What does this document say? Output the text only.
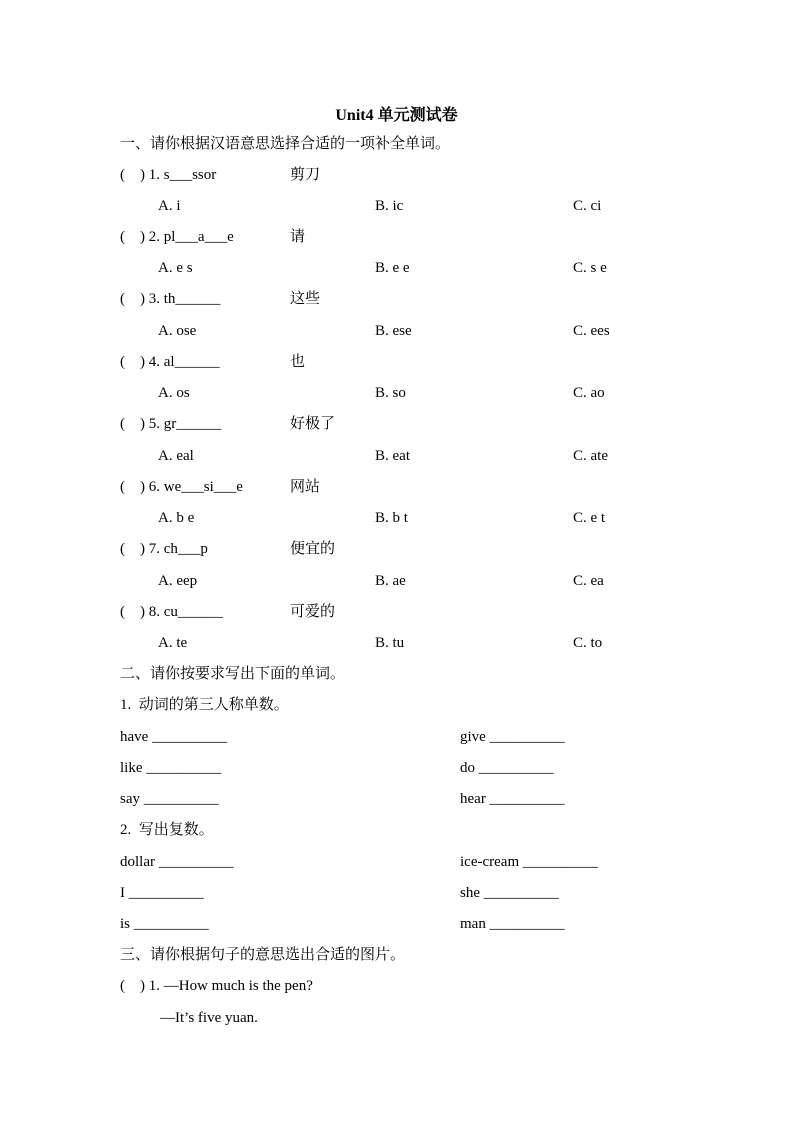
Unit4 单元测试卷
一、请你根据汉语意思选择合适的一项补全单词。
(    ) 1. s___ssor	剪刀
A. i	B. ic	C. ci
(    ) 2. pl___a___e	请
A. e s	B. e e	C. s e
(    ) 3. th______	这些
A. ose	B. ese	C. ees
(    ) 4. al______	也
A. os	B. so	C. ao
(    ) 5. gr______	好极了
A. eal	B. eat	C. ate
(    ) 6. we___si___e	网站
A. b e	B. b t	C. e t
(    ) 7. ch___p	便宜的
A. eep	B. ae	C. ea
(    ) 8. cu______	可爱的
A. te	B. tu	C. to
二、请你按要求写出下面的单词。
1.  动词的第三人称单数。
have __________	give __________
like __________	do __________
say __________	hear __________
2.  写出复数。
dollar __________	ice-cream __________
I __________	she __________
is __________	man __________
三、请你根据句子的意思选出合适的图片。
(    ) 1. —How much is the pen?
—It’s five yuan.
